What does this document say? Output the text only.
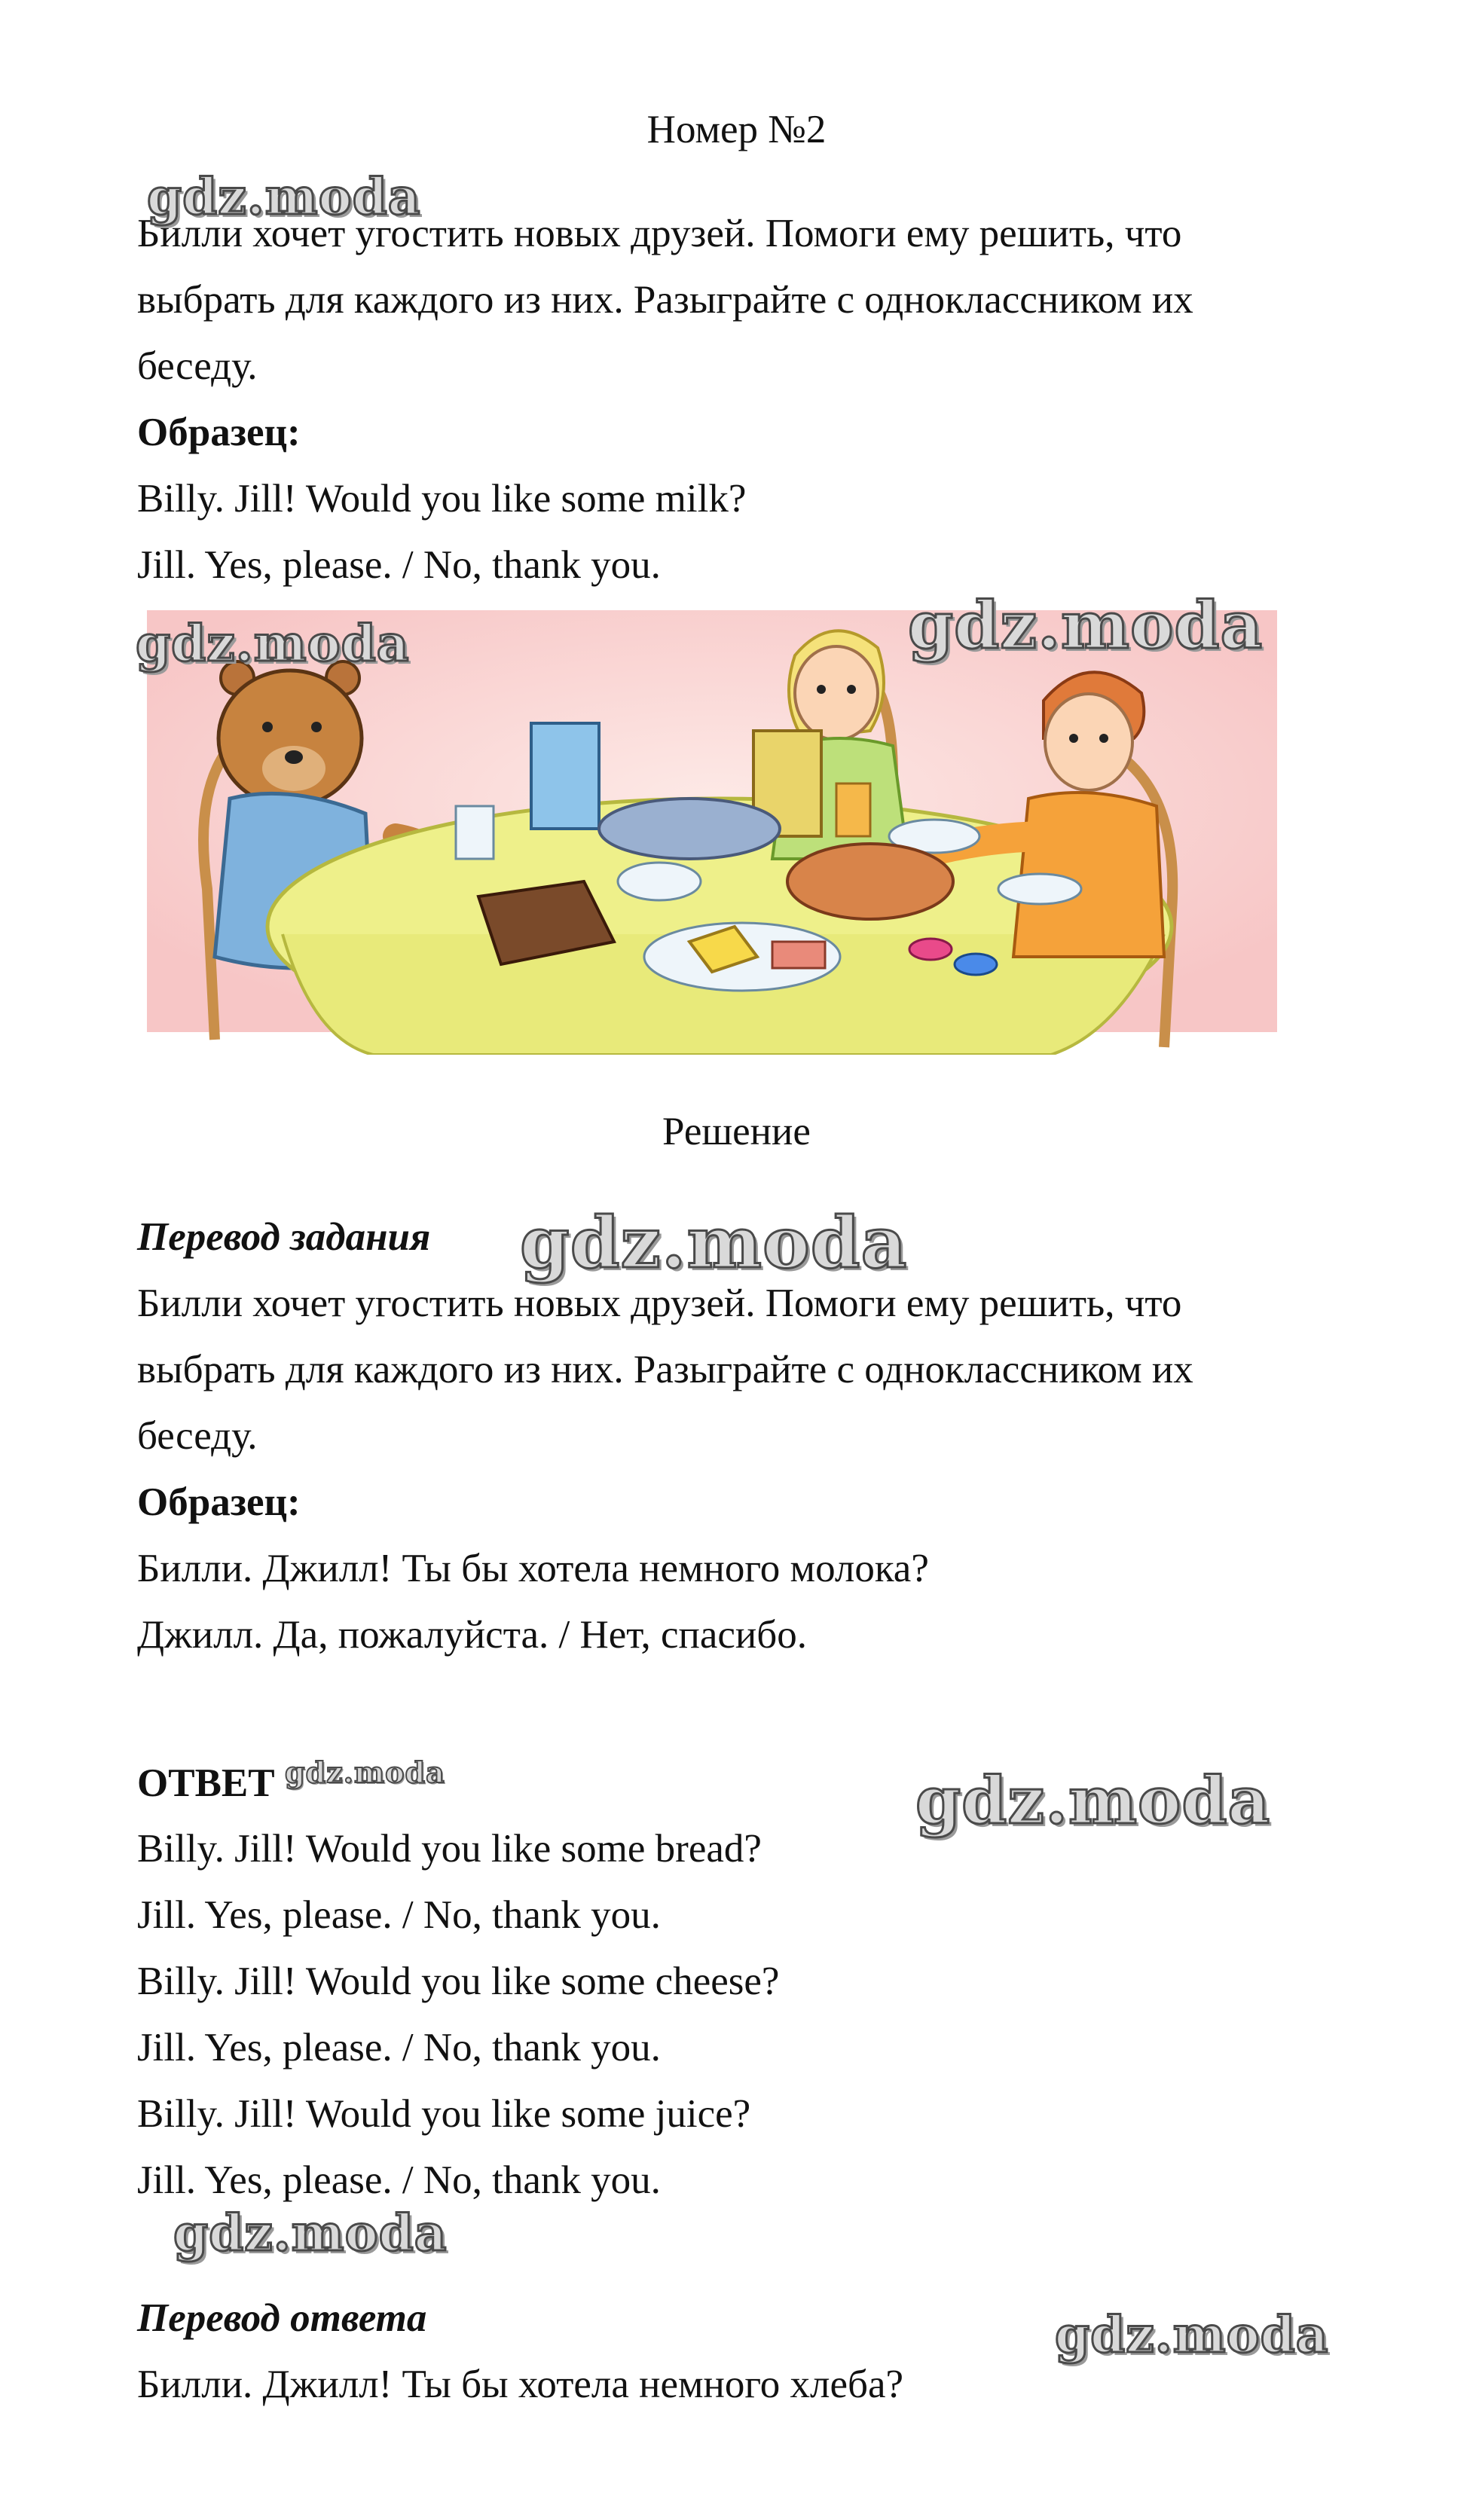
Номер №2
Билли хочет угостить новых друзей. Помоги ему решить, что
выбрать для каждого из них. Разыграйте с одноклассником их
беседу.
Образец:
Billy. Jill! Would you like some milk?
Jill. Yes, please. / No, thank you.
Решение
Перевод задания
Билли хочет угостить новых друзей. Помоги ему решить, что
выбрать для каждого из них. Разыграйте с одноклассником их
беседу.
Образец:
Билли. Джилл! Ты бы хотела немного молока?
Джилл. Да, пожалуйста. / Нет, спасибо.
ОТВЕТ
Billy. Jill! Would you like some bread?
Jill. Yes, please. / No, thank you.
Billy. Jill! Would you like some cheese?
Jill. Yes, please. / No, thank you.
Billy. Jill! Would you like some juice?
Jill. Yes, please. / No, thank you.
Перевод ответа
Билли. Джилл! Ты бы хотела немного хлеба?
gdz.moda
gdz.moda	gdz.moda
gdz.moda
gdz.moda	gdz.moda
gdz.moda
gdz.moda
